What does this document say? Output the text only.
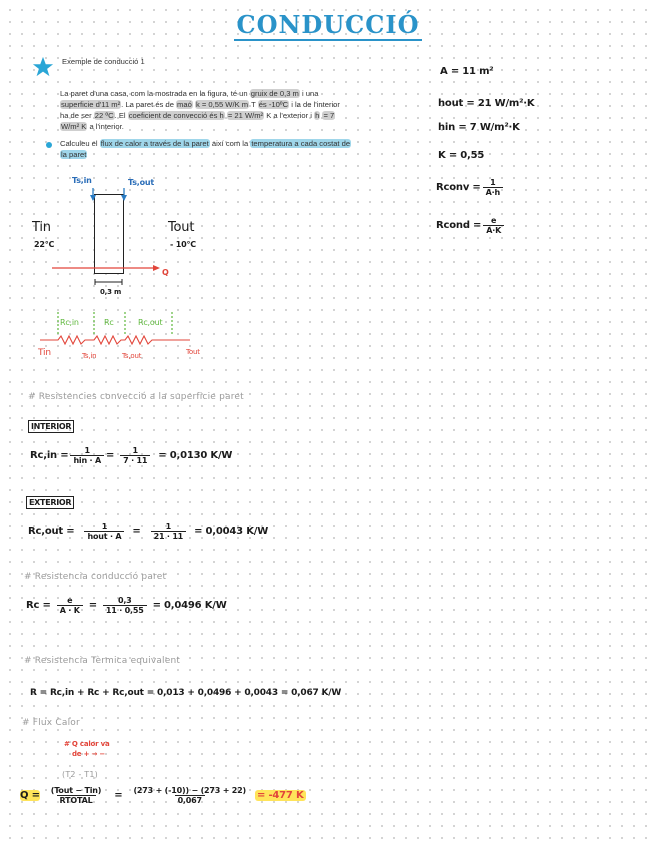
CONDUCCIÓ
Exemple de conducció 1
La paret d'una casa, com la mostrada en la figura, té un gruix de 0,3 m i una
superficie d'11 m². La paret és de maó k = 0,55 W/K m T és -10ºC i la de l'interior
ha de ser 22 ºC. El coeficient de convecció és h = 21 W/m² K a l'exterior i h = 7
W/m² K a l'interior.
Calculeu el flux de calor a través de la paret així com la temperatura a cada costat de
la paret
A = 11 m²
hout = 21 W/m²·K
hin = 7 W/m²·K
K = 0,55
Rconv = $\frac{1}{A\cdot h}$
Rcond = $\frac{e}{A\cdot K}$
Ts,in	Ts,out
Tin
22°C
Tout
- 10°C
Q
0,3 m
Rc,in	Rc	Rc,out
Tin	Ts,in	Ts,out	Tout
# Resistencies convecció a la superficie paret
INTERIOR
$Rc,in = \frac{1}{\text{hin · A}} = \frac{1}{7 \cdot 11} = 0,0130$ K/W
EXTERIOR
$Rc,out = \frac{1}{\text{hout · A}} = \frac{1}{21 \cdot 11} = 0,0043$ K/W
# Resistencia conducció paret
$Rc = \frac{e}{A \cdot K} = \frac{0,3}{11 \cdot 0,55} = 0,0496$ K/W
# Resistencia Tèrmica equivalent
R = Rc,in + Rc + Rc,out = 0,013 + 0,0496 + 0,0043 = 0,067 K/W
# Flux Calor
# Q calor va
de + → −
(T2 - T1)
$Q = \frac{\text{(Tout − Tin)}}{\text{RTOTAL}} = \frac{(273 + (-10)) - (273 + 22)}{0,067} = -477$ K
